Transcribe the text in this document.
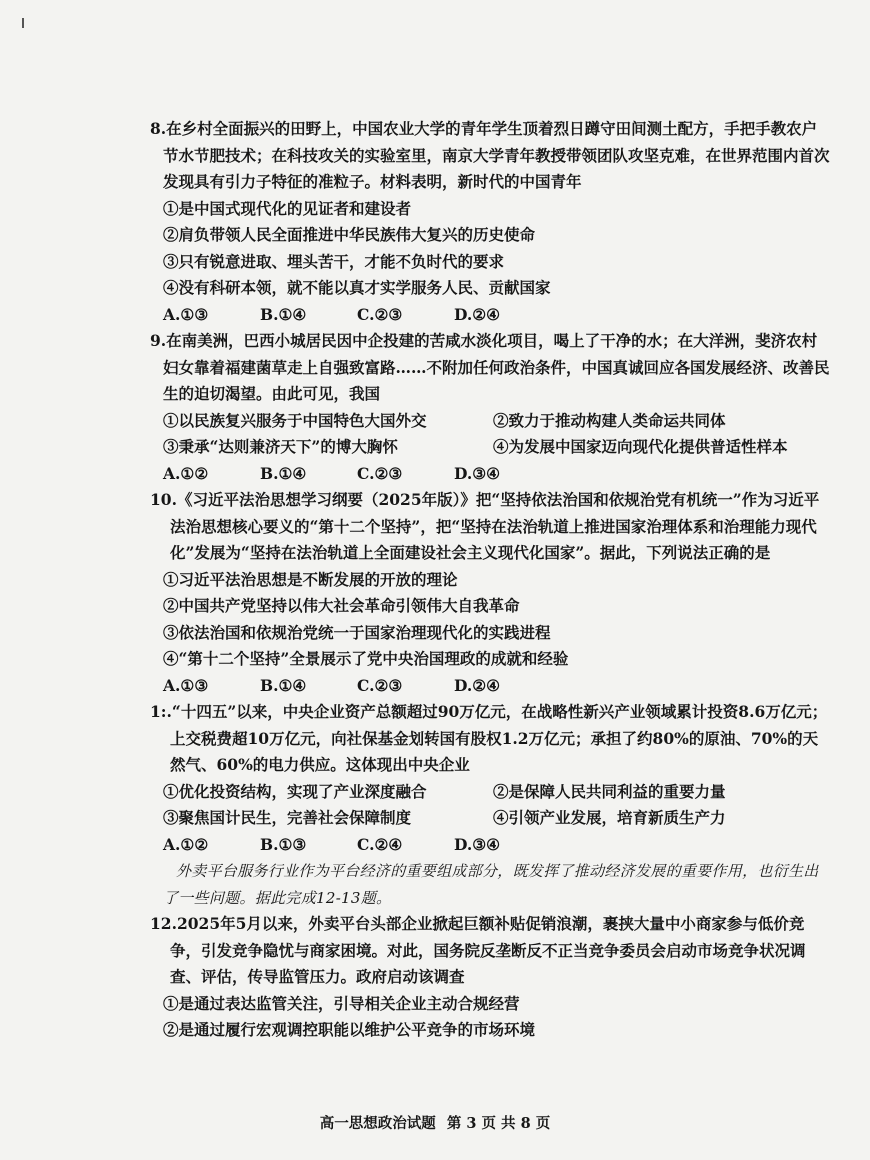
8.在乡村全面振兴的田野上，中国农业大学的青年学生顶着烈日蹲守田间测土配方，手把手教农户节水节肥技术；在科技攻关的实验室里，南京大学青年教授带领团队攻坚克难，在世界范围内首次发现具有引力子特征的准粒子。材料表明，新时代的中国青年

①是中国式现代化的见证者和建设者

②肩负带领人民全面推进中华民族伟大复兴的历史使命

③只有锐意进取、埋头苦干，才能不负时代的要求

④没有科研本领，就不能以真才实学服务人民、贡献国家

A.①③	B.①④	C.②③	D.②④

9.在南美洲，巴西小城居民因中企投建的苦咸水淡化项目，喝上了干净的水；在大洋洲，斐济农村妇女靠着福建菌草走上自强致富路……不附加任何政治条件，中国真诚回应各国发展经济、改善民生的迫切渴望。由此可见，我国

①以民族复兴服务于中国特色大国外交	②致力于推动构建人类命运共同体
③秉承“达则兼济天下”的博大胸怀	④为发展中国家迈向现代化提供普适性样本
A.①②	B.①④	C.②③	D.③④

10.《习近平法治思想学习纲要（2025年版）》把“坚持依法治国和依规治党有机统一”作为习近平法治思想核心要义的“第十二个坚持”，把“坚持在法治轨道上推进国家治理体系和治理能力现代化”发展为“坚持在法治轨道上全面建设社会主义现代化国家”。据此，下列说法正确的是

①习近平法治思想是不断发展的开放的理论

②中国共产党坚持以伟大社会革命引领伟大自我革命

③依法治国和依规治党统一于国家治理现代化的实践进程

④“第十二个坚持”全景展示了党中央治国理政的成就和经验

A.①③	B.①④	C.②③	D.②④

1:.“十四五”以来，中央企业资产总额超过90万亿元，在战略性新兴产业领域累计投资8.6万亿元；上交税费超10万亿元，向社保基金划转国有股权1.2万亿元；承担了约80%的原油、70%的天然气、60%的电力供应。这体现出中央企业

①优化投资结构，实现了产业深度融合	②是保障人民共同利益的重要力量
③聚焦国计民生，完善社会保障制度	④引领产业发展，培育新质生产力
A.①②	B.①③	C.②④	D.③④

外卖平台服务行业作为平台经济的重要组成部分，既发挥了推动经济发展的重要作用，也衍生出了一些问题。据此完成12-13题。

12.2025年5月以来，外卖平台头部企业掀起巨额补贴促销浪潮，裹挟大量中小商家参与低价竞争，引发竞争隐忧与商家困境。对此，国务院反垄断反不正当竞争委员会启动市场竞争状况调查、评估，传导监管压力。政府启动该调查

①是通过表达监管关注，引导相关企业主动合规经营

②是通过履行宏观调控职能以维护公平竞争的市场环境

高一思想政治试题 第 3 页 共 8 页
